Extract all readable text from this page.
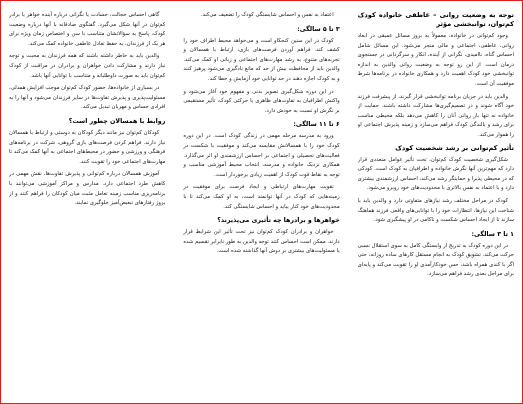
توجه به وضعیت روانی – عاطفی خانواده کودک کم‌توان، توانبخشی مؤثر

وجود کم‌توانی در خانواده، معمولاً به بروز مسائل عمیقی در ابعاد روانی، عاطفی، اجتماعی و مالی منجر می‌شود. این مسائل شامل احساس گناه، ناامیدی، نگرانی از آینده، انکار و سرگردانی در جستجوی درمان است. از این رو توجه به وضعیت روانی والدین به اندازه توانبخشی خود کودک اهمیت دارد و همکاری خانواده در برنامه‌ها شرط موفقیت آن است.

والدین باید در جریان برنامه توانبخشی قرار گیرند، از پیشرفت فرزند خود آگاه شوند و در تصمیم‌گیری‌ها مشارکت داشته باشند. حمایت از خانواده نه تنها بار روانی آنان را کاهش می‌دهد بلکه محیطی مناسب برای رشد و بالندگی کودک فراهم می‌سازد و زمینه پذیرش اجتماعی او را هموار می‌کند.

تأثیر کم‌توانی بر رشد شخصیت کودک

شکل‌گیری شخصیت کودک کم‌توان، تحت تأثیر عوامل متعددی قرار دارد که مهم‌ترین آنها نگرش خانواده و اطرافیان به کودک است. کودکی که در محیطی پذیرا و حمایتگر رشد می‌کند، احساس ارزشمندی بیشتری دارد و با اعتماد به نفس بالاتری با محدودیت‌های خود روبرو می‌شود.

کودک در مراحل مختلف رشد نیازهای متفاوتی دارد و والدین باید با شناخت این نیازها، انتظارات خود را با توانایی‌های واقعی فرزند هماهنگ سازند تا از ایجاد احساس شکست و ناکامی در او پیشگیری شود.

۱ تا ۳ سالگی:

در این دوره کودک به تدریج از وابستگی کامل به سوی استقلال نسبی حرکت می‌کند. تشویق کودک به انجام مستقل کارهای ساده روزانه، حتی اگر با کندی همراه باشد، حس خودکارآمدی او را تقویت می‌کند و پایه‌ای برای مراحل بعدی رشد فراهم می‌سازد.

اعتماد به نفس و احساس شایستگی کودک را تضعیف می‌کند.

۳ تا ۵ سالگی:

کودک در این سنین کنجکاو است و می‌خواهد محیط اطراف خود را کشف کند. فراهم آوردن فرصت‌های بازی، ارتباط با همسالان و تجربه‌های متنوع، به رشد مهارت‌های اجتماعی و زبانی او کمک می‌کند. والدین باید از محافظت بیش از حد که مانع یادگیری می‌شود پرهیز کنند و به کودک اجازه دهند در حد توانایی خود آزمایش و خطا کند.

در این دوره شکل‌گیری تصویر بدنی و مفهوم خود آغاز می‌شود و واکنش اطرافیان به تفاوت‌های ظاهری یا حرکتی کودک، تأثیر مستقیمی بر نگرش او نسبت به خودش دارد.

۶ تا ۱۱ سالگی:

ورود به مدرسه مرحله مهمی در زندگی کودک است. در این دوره کودک خود را با همسالانش مقایسه می‌کند و موفقیت یا شکست در فعالیت‌های تحصیلی و اجتماعی بر احساس ارزشمندی او اثر می‌گذارد. همکاری نزدیک خانواده و مدرسه، انتخاب محیط آموزشی مناسب و توجه به نقاط قوت کودک از اهمیت زیادی برخوردار است.

تقویت مهارت‌های ارتباطی و ایجاد فرصت برای موفقیت در زمینه‌هایی که کودک در آنها توانمند است، به او کمک می‌کند تا با محدودیت‌های خود کنار بیاید و احساس شایستگی کند.

خواهرها و برادرها چه تأثیری می‌پذیرند؟

خواهران و برادران کودک کم‌توان نیز تحت تأثیر این شرایط قرار دارند. ممکن است احساس کنند توجه والدین به طور نابرابر تقسیم شده یا مسئولیت‌های بیشتری بر دوش آنها گذاشته شده است.

گاهی احساس خجالت، حسادت یا نگرانی درباره آینده خواهر یا برادر کم‌توان در آنها شکل می‌گیرد. گفتگوی صادقانه با آنها درباره وضعیت کودک، پاسخ به سؤالاتشان متناسب با سن و اختصاص زمان ویژه برای هر یک از فرزندان، به حفظ تعادل عاطفی خانواده کمک می‌کند.

والدین باید به خاطر داشته باشند که همه فرزندان به محبت و توجه نیاز دارند و مشارکت دادن خواهران و برادران در مراقبت از کودک کم‌توان باید به صورت داوطلبانه و متناسب با توانایی آنها باشد.

در بسیاری از خانواده‌ها، حضور کودک کم‌توان موجب افزایش همدلی، مسئولیت‌پذیری و پذیرش تفاوت‌ها در سایر فرزندان می‌شود و آنها را به افرادی حساس و مهربان تبدیل می‌کند.

روابط با همسالان چطور است؟

کودکان کم‌توان نیز مانند دیگر کودکان به دوستی و ارتباط با همسالان نیاز دارند. فراهم کردن فرصت‌های بازی گروهی، شرکت در برنامه‌های فرهنگی و ورزشی و حضور در محیط‌های اجتماعی به آنها کمک می‌کند تا مهارت‌های اجتماعی خود را تقویت کنند.

آموزش همسالان درباره کم‌توانی و پذیرش تفاوت‌ها، نقش مهمی در کاهش طرد اجتماعی دارد. مدارس و مراکز آموزشی می‌توانند با برنامه‌ریزی مناسب زمینه تعامل مثبت میان کودکان را فراهم کنند و از بروز رفتارهای تبعیض‌آمیز جلوگیری نمایند.
